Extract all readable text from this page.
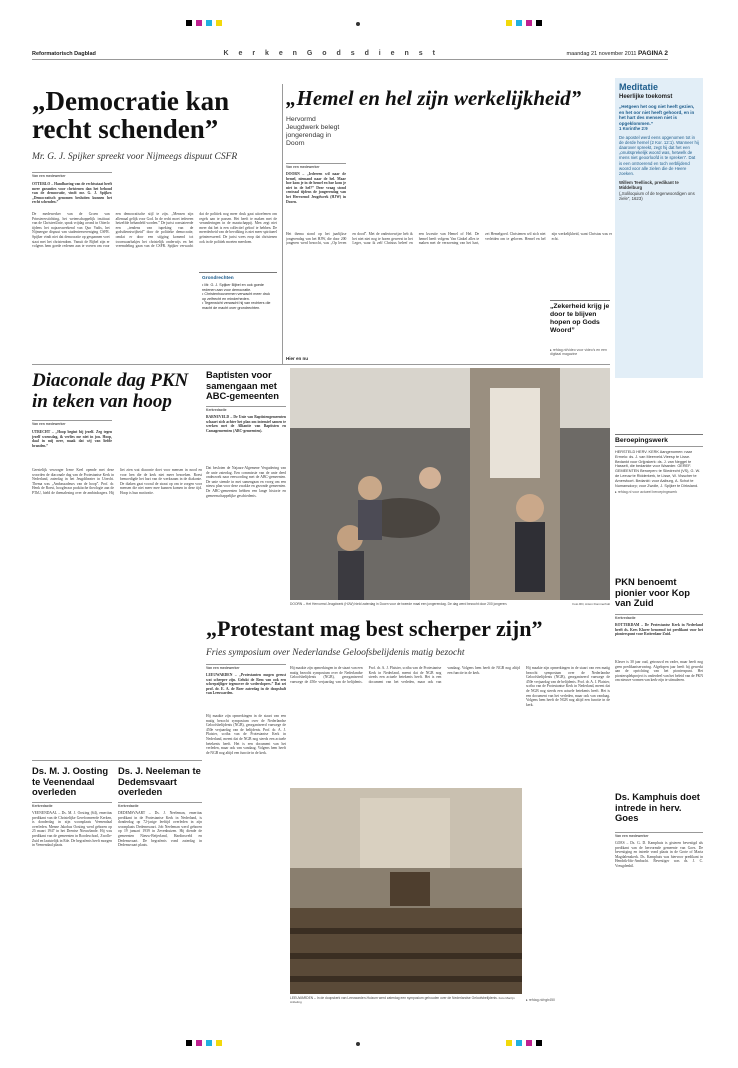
Reformatorisch Dagblad	K e r k e n G o d s d i e n s t	maandag 21 november 2011 PAGINA 2
„Democratie kan recht schenden”
Mr. G. J. Spijker spreekt voor Nijmeegs dispuut CSFR
Van een medewerker
OTTERLO – Handhaving van de rechtsstaat heeft meer garanties voor christenen dan het behoud van de democratie, vindt mr. G. J. Spijker. „Democratisch genomen besluiten kunnen het recht schenden.”
De medewerker van de Groen van Prinstererstichting, het wetenschappelijk instituut van de ChristenUnie, sprak vrijdag avond in Otterlo tijdens het najaarsweekend van Quo Vadis, het Nijmeegse dispuut van studentenvereniging CSFR. Spijker vindt niet dat democratie op gespannen voet staat met het christendom. Vanuit de Bijbel zijn er volgens hem goede redenen aan te voeren om voor een democratische stijl te zijn. „Mensen zijn allemaal gelijk voor God. In de recht moet iedereen hetzelfde behandeld worden.” De jurist constateerde een „tendens van iupeking van de godsdienstvrijheid” door de politieke democratie, omdat er door een stijging komend tot troonwaarbakjes het christelijk onderwijs en het vreemdeling gaan van de CSFR. Spijker verwacht dat de politiek nog meer druk gaat uitoefenen om regels aan te passen. Het heeft te maken met de veranderingen in de maatschappij. Men zegt niet meer dat het is een collectief geloof te hebben. De meerderheid van de bevolking is niet meer spiritueel geïnteresseerd. De jurist wees erop dat christenen ook in de politiek moeten meedoen.
Grondrechten
• Mr. G. J. Spijker Bijbel en ook goede redenen aan voor democratie.
• Christenhouvermen verwacht meer druk op zelfrecht en minderheden.
• Tegenwicht verwacht hij van rechters die macht de macht over grondrechten.
„Hemel en hel zijn werkelijkheid”
Hervormd Jeugdwerk belegt jongerendag in Doorn
Van een medewerker
DOORN – „Iedereen wil naar de hemel, niemand naar de hel. Maar hoe kom je in de hemel en hoe kom je niet in de hel?” Deze vraag stond centraal tijdens de jongerendag van het Hervormd Jeugdwerk (HJW) in Doorn.
Het thema stond op het jaarlijkse jongerendag van het HJW, die door 200 jongeren werd bezocht, was „Op leven en dood”. Met de ondertoewijze heb ik het niet niet nog te horen geweest in het Leger, waar ik zelf Christus beleef en een kwestie van Hemel of Hel. De hemel heeft volgens Van Ginkel alles te maken met de verzoening van het hart, zei Hemelgoed. Christenen wil zich niet verleiden om te geloven. Hemel en hel zijn werkelijkheid, want Christus was er echt.
Hier en nu
„Zekerheid krijg je door te blijven hopen op Gods Woord”
▸ refdag.nl/video voor video's en een digitaal magazine
Meditatie
Heerlijke toekomst
„Hetgeen het oog niet heeft gezien, en het oor niet heeft gehoord, en in het hart des mensen niet is opgeklommen.”
1 Korinthe 2:9
De apostel werd eens opgenomen tot in de derde hemel (2 Kor. 12:1). Wanneer hij daarover spreekt, zegt hij dat het een „onuitsprekelijk woord was, hetwelk de mens niet geoorloofd is te spreken”. Dat is een ontroerend en toch verblijdend woord voor alle zielen die de Heere zoeken.
Willem Teellinck, predikant te Middelburg
(„Soliloquium of de tegenwoordigen ons ziele”, 1623)
Beroepingswerk
HERSTELD HERV. KERK Aangenomen: naar Ermelo: ds. J. van Meerveld-Vleesp te Lisse. Bedankt voor Grijpskerk: ds. J. van Neggel te Hasselt, die bedankte voor Waarder. GEREF. GEMEENTEN Beroepen: te Sliedrecht (VS), G. W. de Leeuw te Ridderkerk, te Lisse, W. Visscher te Amersfoort. Bedankt: voor Aalburg, A. Schot te Numansdorp; voor Zwolle, J. Spijker te Dirksland.
▸ refdag.nl voor actueel beroepingswerk
PKN benoemt pionier voor Kop van Zuid
Kerkredactie
ROTTERDAM – De Protestantse Kerk in Nederland heeft ds. Kees Klaver benoemd tot predikant voor het pionierspunt voor Rotterdam-Zuid.
Klaver is 30 jaar oud, getrouwd en vader, maar heeft nog geen predikantservaring. Afgelopen jaar heeft hij gewerkt aan de oprichting van het pionierspunt. Het pioniersplekproject is onderdeel van het beleid van de PKN om nieuwe vormen van kerk-zijn te stimuleren.
Ds. Kamphuis doet intrede in herv. Goes
Van een medewerker
GOES – Ds. G. D. Kamphuis is gisteren bevestigd als predikant van de hervormde gemeente van Goes. De bevestiging en intrede vond plaats in de Grote of Maria Magdalenakerk. Ds. Kamphuis was hiervoor predikant in Hendrik-Ido-Ambacht. Bevestiger was ds. J. C. Vreugdenhil.
Diaconale dag PKN in teken van hoop
Van een medewerker
UTRECHT – „Hoop begint bij jezelf. Zeg tegen jezelf woensdag, ik verlies me niet in jou. Hoop, daal in mij neer, maak dat wij van liefde branden.”
Geestelijk verzorger Irene Keel opende met deze woorden de diaconale dag van de Protestantse Kerk in Nederland, zaterdag in het Jeugdtheater in Utrecht. Thema was „Ambassadeurs van de hoop”. Prof. dr. Henk de Roest, hoogleraar praktische theologie aan de PThU, hield de themalezing over de ambtsdragers. Hij liet zien wat diaconie doet voor mensen in nood en voor hen die de kerk niet meer bezoeken. Roest bemoedigde het hart van de werkzaam in de diakonie. De diaken gaat vooral de straat op om te zorgen voor mensen die niet meer mee kunnen komen in deze tijd. Hoop is hun motivatie.
Baptisten voor samengaan met ABC-gemeenten
Kerkredactie
BARNEVELD – De Unie van Baptistengemeenten schaart zich achter het plan om intensief samen te werken met de Alliantie van Baptisten en Camagemeenten (ABC-gemeenten).
Dat besloten de Najaars-Algemene Vergadering van de unie zaterdag. Een commissie van de unie deed onderzoek naar eenwording met de ABC-gemeenten. De unie stemde in met samengaan en vroeg om een nieuw plan voor deze zwakke en gezonde gemeenten. De ABC-gemeenten hebben een lange historie en gemeenschappelijke geschiedenis.
DOORN – Het Hervormd Jeugdwerk (HJW) hield zaterdag in Doorn voor de tweede maal een jongerendag. De dag werd bezocht door 200 jongeren.	Foto RD, Anton Dommerholt
„Protestant mag best scherper zijn”
Fries symposium over Nederlandse Geloofsbelijdenis matig bezocht
Van een medewerker
LEEUWARDEN – „Protestanten mogen gerust wat scherper zijn. Gelukt de Rem van ook een scherpzijliger tegenover de wederdopers.” Dat zei prof. dr. E. A. de Boer zaterdag in de doopsbalt van Leeuwarden.
Hij maakte zijn opmerkingen in de staart van een matig bezocht symposium over de Nederlandse Geloofsbelijdenis (NGB), georganiseerd vanwege de 450e verjaardag van de belijdenis. Prof. dr. A. J. Plaisier, scriba van de Protestantse Kerk in Nederland, meent dat de NGB nog steeds een actuele betekenis heeft. Het is een document van het verleden, maar ook van vandaag. Volgens hem heeft de NGB nog altijd een functie in de kerk.
Hij maakte zijn opmerkingen in de staart van een matig bezocht symposium over de Nederlandse Geloofsbelijdenis (NGB), georganiseerd vanwege de 450e verjaardag van de belijdenis. Prof. dr. A. J. Plaisier, scriba van de Protestantse Kerk in Nederland, meent dat de NGB nog steeds een actuele betekenis heeft. Het is een document van het verleden, maar ook van vandaag. Volgens hem heeft de NGB nog altijd een functie in de kerk.
LEEUWARDEN – In de doopskerk van Leeuwarden-Huizum werd zaterdag een symposium gehouden over de Nederlandse Geloofsbelijdenis. Foto Marrijn Anbeling
Hij maakte zijn opmerkingen in de staart van een matig bezocht symposium over de Nederlandse Geloofsbelijdenis (NGB), georganiseerd vanwege de 450e verjaardag van de belijdenis. Prof. dr. A. J. Plaisier, scriba van de Protestantse Kerk in Nederland, meent dat de NGB nog steeds een actuele betekenis heeft. Het is een document van het verleden, maar ook van vandaag. Volgens hem heeft de NGB nog altijd een functie in de kerk.
▸ refdag.nl/ngb450
Ds. M. J. Oosting te Veenendaal overleden
Kerkredactie
VEENENDAAL – Ds. M. J. Oosting (64), emeritus predikant van de Christelijke Gereformeerde Kerken, is donderdag in zijn woonplaats Veenendaal overleden. Menne Jakobus Oosting werd geboren op 25 maart 1947 in het Drentse Nieuwlande. Hij was predikant van de gemeenten in Roodeschool, Zwolle-Zuid en laatstelijk in Ede. De begrafenis heeft morgen in Veenendaal plaats.
Ds. J. Neeleman te Dedemsvaart overleden
Kerkredactie
DEDEMSVAART – Ds. J. Neeleman, emeritus predikant in de Protestantse Kerk in Nederland, is donderdag op 72-jarige leeftijd overleden in zijn woonplaats Dedemsvaart. Job Neeleman werd geboren op 19 januari 1939 in Zevenhuizen. Hij diende de gemeenten Nieuw-Beijerland, Hardinxveld en Dedemsvaart. De begrafenis vond zaterdag in Dedemsvaart plaats.
